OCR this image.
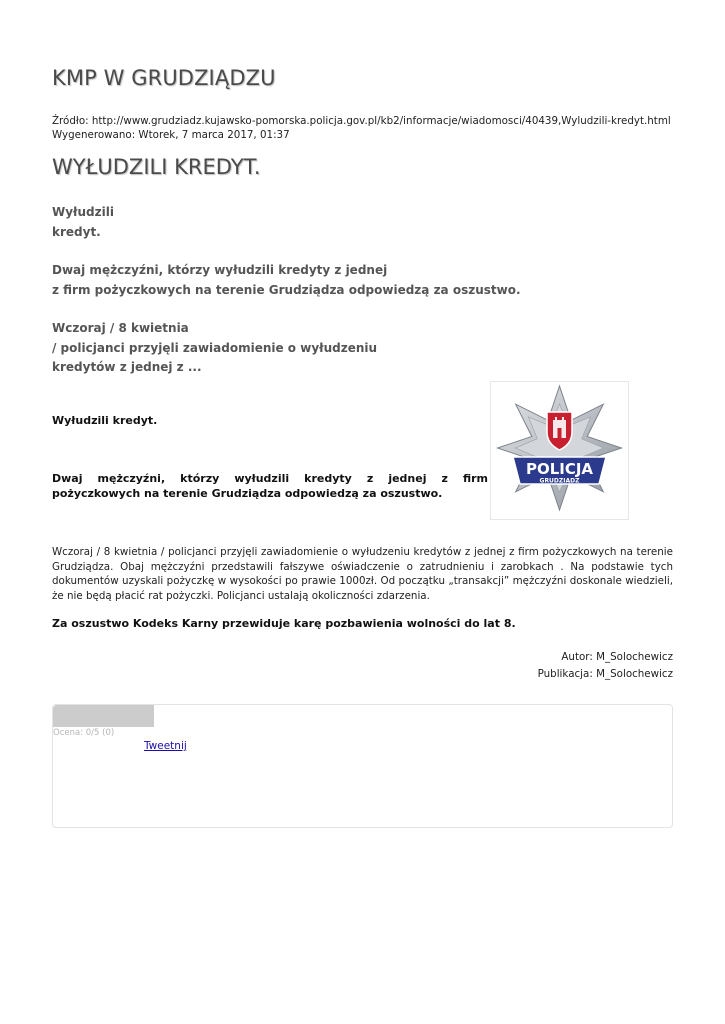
KMP W GRUDZIĄDZU
Źródło: http://www.grudziadz.kujawsko-pomorska.policja.gov.pl/kb2/informacje/wiadomosci/40439,Wyludzili-kredyt.html
Wygenerowano: Wtorek, 7 marca 2017, 01:37
WYŁUDZILI KREDYT.

Wyłudzili

kredyt.

Dwaj mężczyźni, którzy wyłudzili kredyty z jednej

z firm pożyczkowych na terenie Grudziądza odpowiedzą za oszustwo.

Wczoraj / 8 kwietnia

/ policjanci przyjęli zawiadomienie o wyłudzeniu

kredytów z jednej z ...

Wyłudzili kredyt.
Dwaj mężczyźni, którzy wyłudzili kredyty z jednej z firm pożyczkowych na terenie Grudziądza odpowiedzą za oszustwo.
POLICJA
GRUDZIĄDZ

Wczoraj / 8 kwietnia / policjanci przyjęli zawiadomienie o wyłudzeniu kredytów z jednej z firm pożyczkowych na terenie Grudziądza. Obaj mężczyźni przedstawili fałszywe oświadczenie o zatrudnieniu i zarobkach . Na podstawie tych dokumentów uzyskali pożyczkę w wysokości po prawie 1000zł. Od początku „transakcji” mężczyźni doskonale wiedzieli, że nie będą płacić rat pożyczki. Policjanci ustalają okoliczności zdarzenia.

Za oszustwo Kodeks Karny przewiduje karę pozbawienia wolności do lat 8.
Autor: M_Solochewicz
Publikacja: M_Solochewicz
Ocena: 0/5 (0)
Tweetnij
